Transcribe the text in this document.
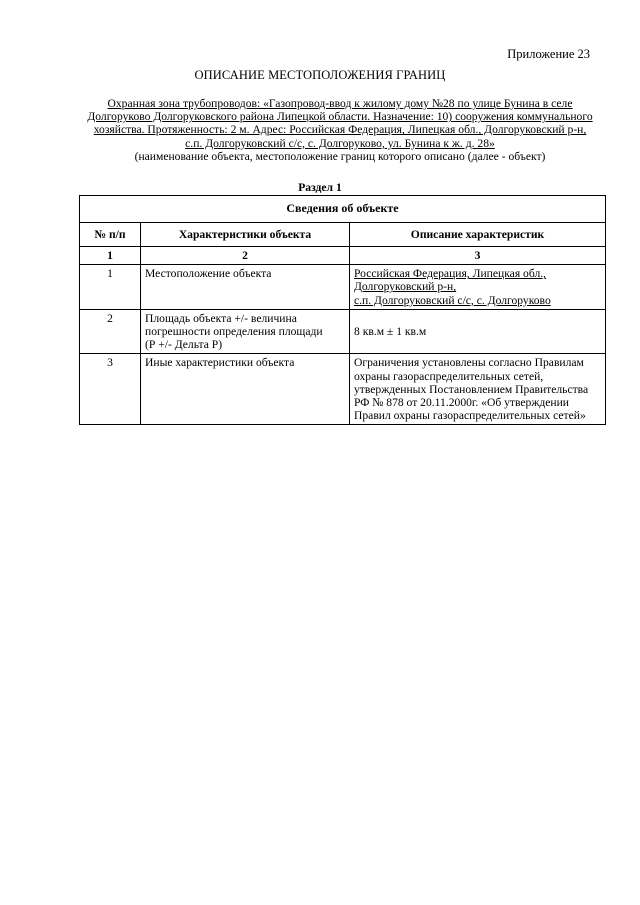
Приложение 23
ОПИСАНИЕ МЕСТОПОЛОЖЕНИЯ ГРАНИЦ
Охранная зона трубопроводов: «Газопровод-ввод к жилому дому №28 по улице Бунина в селе
Долгоруково Долгоруковского района Липецкой области. Назначение: 10) сооружения коммунального
хозяйства. Протяженность: 2 м. Адрес: Российская Федерация, Липецкая обл., Долгоруковский р-н,
с.п. Долгоруковский с/с, с. Долгоруково, ул. Бунина к ж. д. 28»
(наименование объекта, местоположение границ которого описано (далее - объект)
Раздел 1
Сведения об объекте		
№ п/п	Характеристики объекта	Описание характеристик
1	2	3
1	Местоположение объекта	Российская Федерация, Липецкая обл.,
Долгоруковский р-н,
с.п. Долгоруковский с/с, с. Долгоруково

2	Площадь объекта +/- величина
погрешности определения площади
(Р +/- Дельта Р)	8 кв.м ± 1 кв.м
3	Иные характеристики объекта	Ограничения установлены согласно Правилам
охраны газораспределительных сетей,
утвержденных Постановлением Правительства
РФ № 878 от 20.11.2000г. «Об утверждении
Правил охраны газораспределительных сетей»
